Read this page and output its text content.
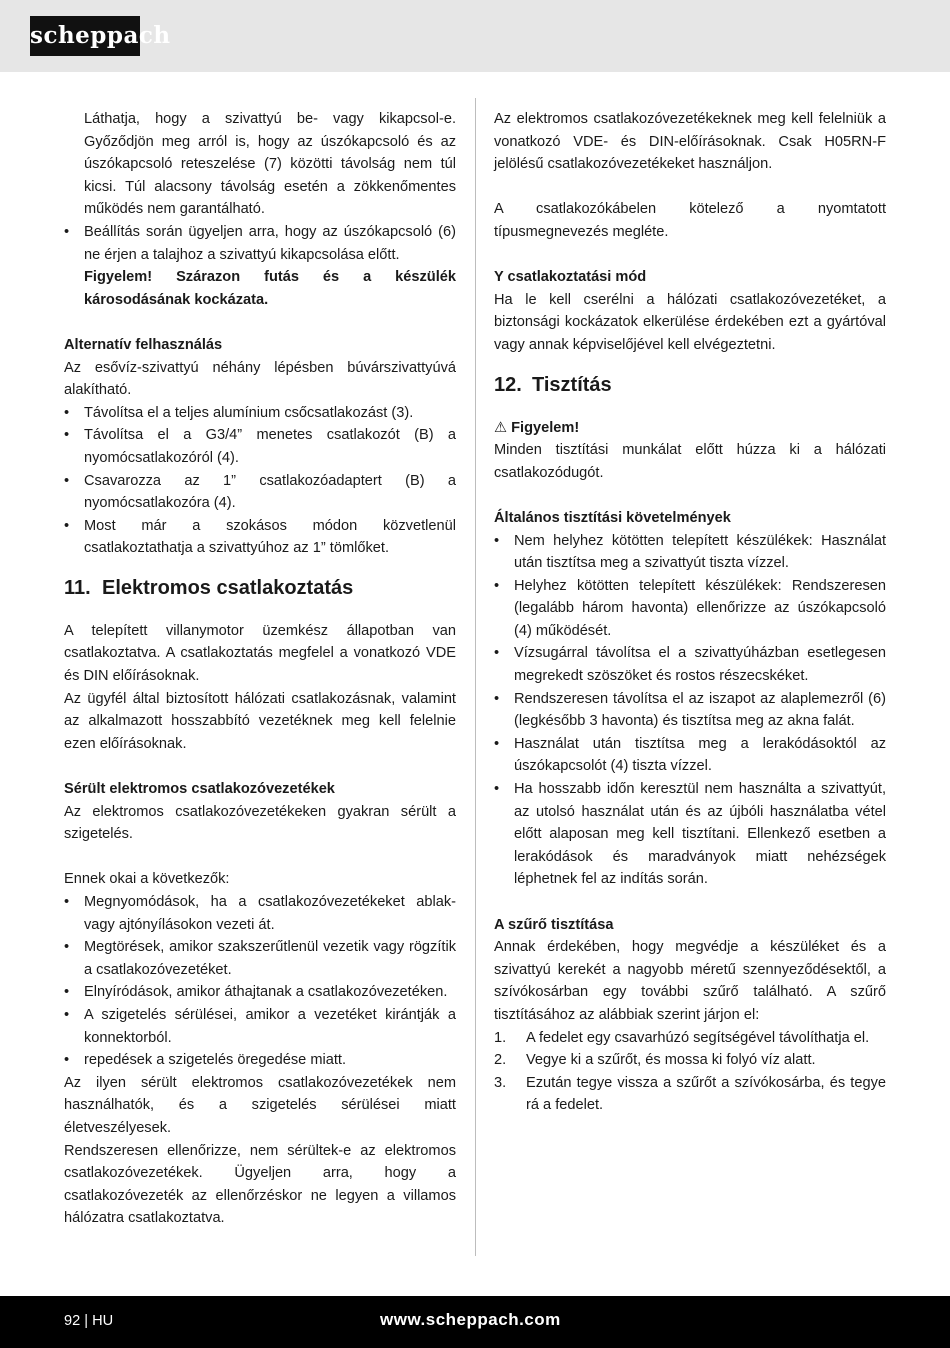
scheppach

Láthatja, hogy a szivattyú be- vagy kikapcsol-e. Győződjön meg arról is, hogy az úszókapcsoló és az úszókapcsoló reteszelése (7) közötti távolság nem túl kicsi. Túl alacsony távolság esetén a zökkenőmentes működés nem garantálható.

• Beállítás során ügyeljen arra, hogy az úszókapcsoló (6) ne érjen a talajhoz a szivattyú kikapcsolása előtt.

Figyelem! Szárazon futás és a készülék károsodásának kockázata.

Alternatív felhasználás

Az esővíz-szivattyú néhány lépésben búvárszivattyúvá alakítható.

• Távolítsa el a teljes alumínium csőcsatlakozást (3).
• Távolítsa el a G3/4” menetes csatlakozót (B) a nyomócsatlakozóról (4).
• Csavarozza az 1” csatlakozóadaptert (B) a nyomócsatlakozóra (4).
• Most már a szokásos módon közvetlenül csatlakoztathatja a szivattyúhoz az 1” tömlőket.
11. Elektromos csatlakoztatás

A telepített villanymotor üzemkész állapotban van csatlakoztatva. A csatlakoztatás megfelel a vonatkozó VDE és DIN előírásoknak.

Az ügyfél által biztosított hálózati csatlakozásnak, valamint az alkalmazott hosszabbító vezetéknek meg kell felelnie ezen előírásoknak.

Sérült elektromos csatlakozóvezetékek

Az elektromos csatlakozóvezetékeken gyakran sérült a szigetelés.

Ennek okai a következők:

• Megnyomódások, ha a csatlakozóvezetékeket ablak- vagy ajtónyílásokon vezeti át.
• Megtörések, amikor szakszerűtlenül vezetik vagy rögzítik a csatlakozóvezetéket.
• Elnyíródások, amikor áthajtanak a csatlakozóvezetéken.
• A szigetelés sérülései, amikor a vezetéket kirántják a konnektorból.
• repedések a szigetelés öregedése miatt.

Az ilyen sérült elektromos csatlakozóvezetékek nem használhatók, és a szigetelés sérülései miatt életveszélyesek.

Rendszeresen ellenőrizze, nem sérültek-e az elektromos csatlakozóvezetékek. Ügyeljen arra, hogy a csatlakozóvezeték az ellenőrzéskor ne legyen a villamos hálózatra csatlakoztatva.

Az elektromos csatlakozóvezetékeknek meg kell felelniük a vonatkozó VDE- és DIN-előírásoknak. Csak H05RN-F jelölésű csatlakozóvezetékeket használjon.

A csatlakozókábelen kötelező a nyomtatott típusmegnevezés megléte.

Y csatlakoztatási mód

Ha le kell cserélni a hálózati csatlakozóvezetéket, a biztonsági kockázatok elkerülése érdekében ezt a gyártóval vagy annak képviselőjével kell elvégeztetni.

12. Tisztítás

⚠ Figyelem!

Minden tisztítási munkálat előtt húzza ki a hálózati csatlakozódugót.

Általános tisztítási követelmények

• Nem helyhez kötötten telepített készülékek: Használat után tisztítsa meg a szivattyút tiszta vízzel.
• Helyhez kötötten telepített készülékek: Rendszeresen (legalább három havonta) ellenőrizze az úszókapcsoló (4) működését.
• Vízsugárral távolítsa el a szivattyúházban esetlegesen megrekedt szöszöket és rostos részecskéket.
• Rendszeresen távolítsa el az iszapot az alaplemezről (6) (legkésőbb 3 havonta) és tisztítsa meg az akna falát.
• Használat után tisztítsa meg a lerakódásoktól az úszókapcsolót (4) tiszta vízzel.
• Ha hosszabb időn keresztül nem használta a szivattyút, az utolsó használat után és az újbóli használatba vétel előtt alaposan meg kell tisztítani. Ellenkező esetben a lerakódások és maradványok miatt nehézségek léphetnek fel az indítás során.

A szűrő tisztítása

Annak érdekében, hogy megvédje a készüléket és a szivattyú kerekét a nagyobb méretű szennyeződésektől, a szívókosárban egy további szűrő található. A szűrő tisztításához az alábbiak szerint járjon el:

1. A fedelet egy csavarhúzó segítségével távolíthatja el.
2. Vegye ki a szűrőt, és mossa ki folyó víz alatt.
3. Ezután tegye vissza a szűrőt a szívókosárba, és tegye rá a fedelet.
92 | HU	www.scheppach.com
